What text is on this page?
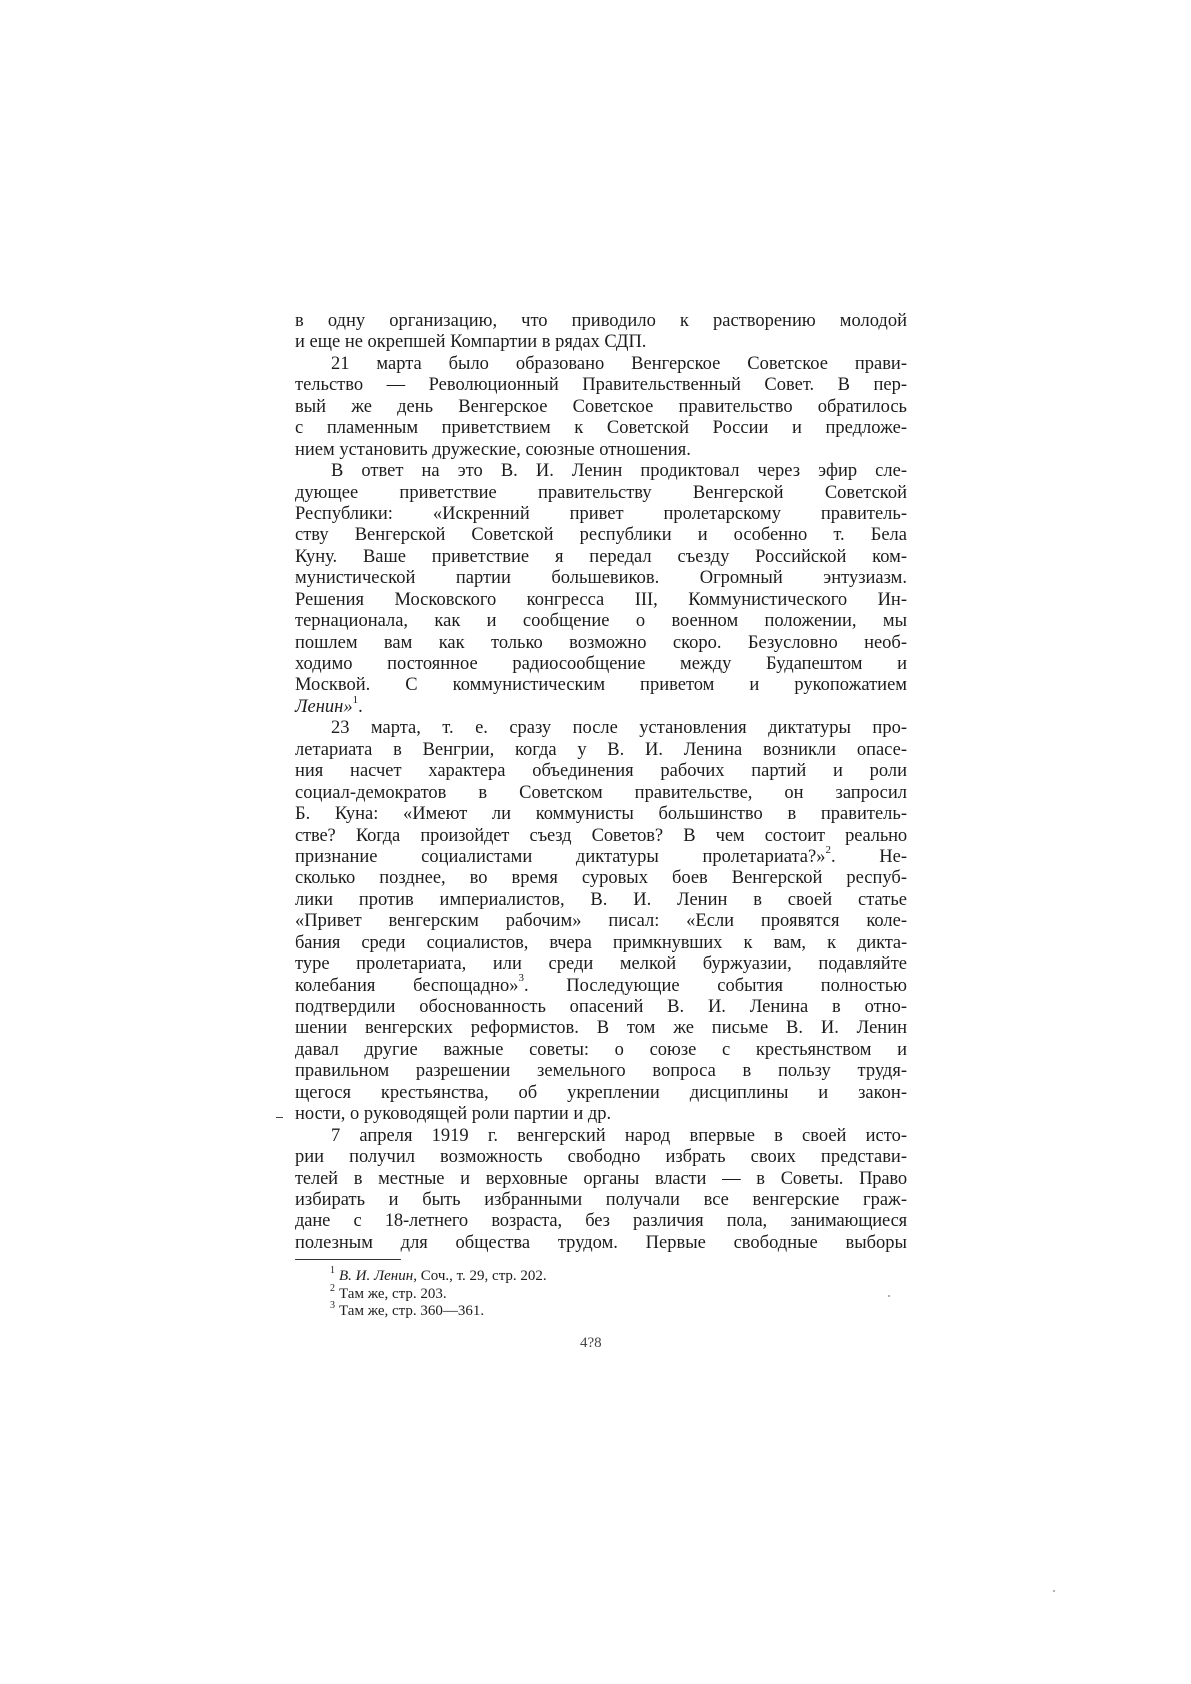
в одну организацию, что приводило к растворению молодой
и еще не окрепшей Компартии в рядах СДП.
21 марта было образовано Венгерское Советское прави-
тельство — Революционный Правительственный Совет. В пер-
вый же день Венгерское Советское правительство обратилось
с пламенным приветствием к Советской России и предложе-
нием установить дружеские, союзные отношения.
В ответ на это В. И. Ленин продиктовал через эфир сле-
дующее приветствие правительству Венгерской Советской
Республики: «Искренний привет пролетарскому правитель-
ству Венгерской Советской республики и особенно т. Бела
Куну. Ваше приветствие я передал съезду Российской ком-
мунистической партии большевиков. Огромный энтузиазм.
Решения Московского конгресса III, Коммунистического Ин-
тернационала, как и сообщение о военном положении, мы
пошлем вам как только возможно скоро. Безусловно необ-
ходимо постоянное радиосообщение между Будапештом и
Москвой. С коммунистическим приветом и рукопожатием
Ленин»$^1$.
23 марта, т. е. сразу после установления диктатуры про-
летариата в Венгрии, когда у В. И. Ленина возникли опасе-
ния насчет характера объединения рабочих партий и роли
социал-демократов в Советском правительстве, он запросил
Б. Куна: «Имеют ли коммунисты большинство в правитель-
стве? Когда произойдет съезд Советов? В чем состоит реально
признание социалистами диктатуры пролетариата?»$^2$. Не-
сколько позднее, во время суровых боев Венгерской респуб-
лики против империалистов, В. И. Ленин в своей статье
«Привет венгерским рабочим» писал: «Если проявятся коле-
бания среди социалистов, вчера примкнувших к вам, к дикта-
туре пролетариата, или среди мелкой буржуазии, подавляйте
колебания беспощадно»$^3$. Последующие события полностью
подтвердили обоснованность опасений В. И. Ленина в отно-
шении венгерских реформистов. В том же письме В. И. Ленин
давал другие важные советы: о союзе с крестьянством и
правильном разрешении земельного вопроса в пользу трудя-
щегося крестьянства, об укреплении дисциплины и закон-
ности, о руководящей роли партии и др.
7 апреля 1919 г. венгерский народ впервые в своей исто-
рии получил возможность свободно избрать своих представи-
телей в местные и верховные органы власти — в Советы. Право
избирать и быть избранными получали все венгерские граж-
дане с 18-летнего возраста, без различия пола, занимающиеся
полезным для общества трудом. Первые свободные выборы
$^1$ В. И. Ленин, Соч., т. 29, стр. 202.
$^2$ Там же, стр. 203.
$^3$ Там же, стр. 360—361.
4?8
